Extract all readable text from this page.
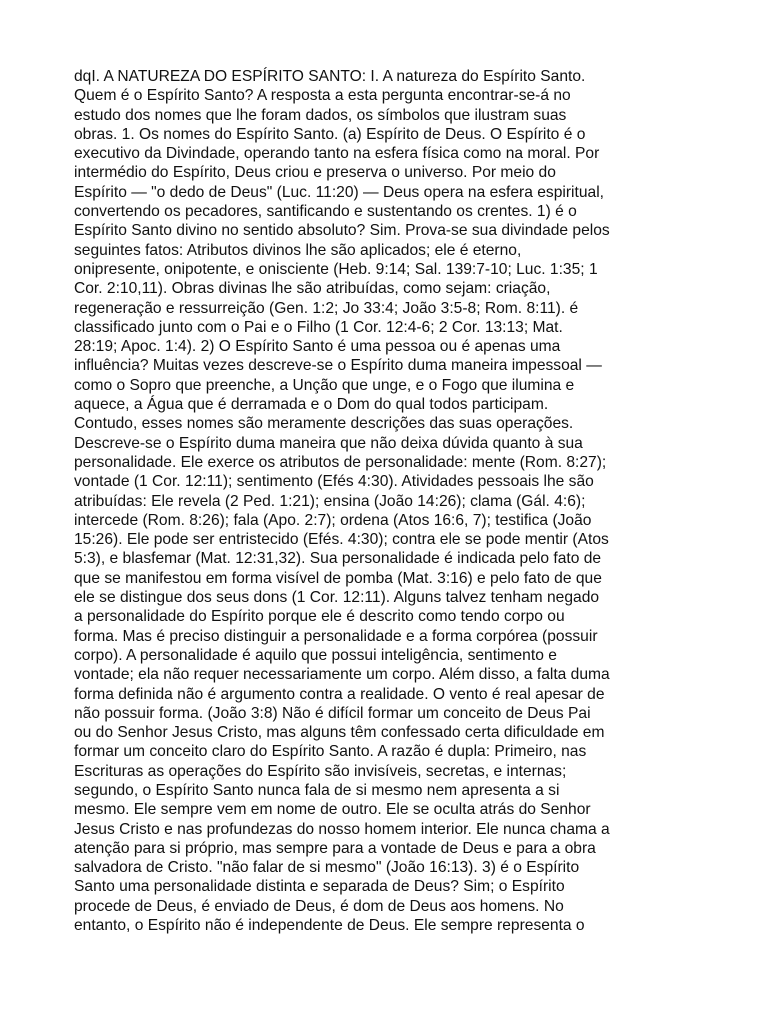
dqI. A NATUREZA DO ESPÍRITO SANTO: I. A natureza do Espírito Santo.
Quem é o Espírito Santo? A resposta a esta pergunta encontrar-se-á no
estudo dos nomes que lhe foram dados, os símbolos que ilustram suas
obras. 1. Os nomes do Espírito Santo. (a) Espírito de Deus. O Espírito é o
executivo da Divindade, operando tanto na esfera física como na moral. Por
intermédio do Espírito, Deus criou e preserva o universo. Por meio do
Espírito — "o dedo de Deus" (Luc. 11:20) — Deus opera na esfera espiritual,
convertendo os pecadores, santificando e sustentando os crentes. 1) é o
Espírito Santo divino no sentido absoluto? Sim. Prova-se sua divindade pelos
seguintes fatos: Atributos divinos lhe são aplicados; ele é eterno,
onipresente, onipotente, e onisciente (Heb. 9:14; Sal. 139:7-10; Luc. 1:35; 1
Cor. 2:10,11). Obras divinas lhe são atribuídas, como sejam: criação,
regeneração e ressurreição (Gen. 1:2; Jo 33:4; João 3:5-8; Rom. 8:11). é
classificado junto com o Pai e o Filho (1 Cor. 12:4-6; 2 Cor. 13:13; Mat.
28:19; Apoc. 1:4). 2) O Espírito Santo é uma pessoa ou é apenas uma
influência? Muitas vezes descreve-se o Espírito duma maneira impessoal —
como o Sopro que preenche, a Unção que unge, e o Fogo que ilumina e
aquece, a Água que é derramada e o Dom do qual todos participam.
Contudo, esses nomes são meramente descrições das suas operações.
Descreve-se o Espírito duma maneira que não deixa dúvida quanto à sua
personalidade. Ele exerce os atributos de personalidade: mente (Rom. 8:27);
vontade (1 Cor. 12:11); sentimento (Efés 4:30). Atividades pessoais lhe são
atribuídas: Ele revela (2 Ped. 1:21); ensina (João 14:26); clama (Gál. 4:6);
intercede (Rom. 8:26); fala (Apo. 2:7); ordena (Atos 16:6, 7); testifica (João
15:26). Ele pode ser entristecido (Efés. 4:30); contra ele se pode mentir (Atos
5:3), e blasfemar (Mat. 12:31,32). Sua personalidade é indicada pelo fato de
que se manifestou em forma visível de pomba (Mat. 3:16) e pelo fato de que
ele se distingue dos seus dons (1 Cor. 12:11). Alguns talvez tenham negado
a personalidade do Espírito porque ele é descrito como tendo corpo ou
forma. Mas é preciso distinguir a personalidade e a forma corpórea (possuir
corpo). A personalidade é aquilo que possui inteligência, sentimento e
vontade; ela não requer necessariamente um corpo. Além disso, a falta duma
forma definida não é argumento contra a realidade. O vento é real apesar de
não possuir forma. (João 3:8) Não é difícil formar um conceito de Deus Pai
ou do Senhor Jesus Cristo, mas alguns têm confessado certa dificuldade em
formar um conceito claro do Espírito Santo. A razão é dupla: Primeiro, nas
Escrituras as operações do Espírito são invisíveis, secretas, e internas;
segundo, o Espírito Santo nunca fala de si mesmo nem apresenta a si
mesmo. Ele sempre vem em nome de outro. Ele se oculta atrás do Senhor
Jesus Cristo e nas profundezas do nosso homem interior. Ele nunca chama a
atenção para si próprio, mas sempre para a vontade de Deus e para a obra
salvadora de Cristo. "não falar de si mesmo" (João 16:13). 3) é o Espírito
Santo uma personalidade distinta e separada de Deus? Sim; o Espírito
procede de Deus, é enviado de Deus, é dom de Deus aos homens. No
entanto, o Espírito não é independente de Deus. Ele sempre representa o
